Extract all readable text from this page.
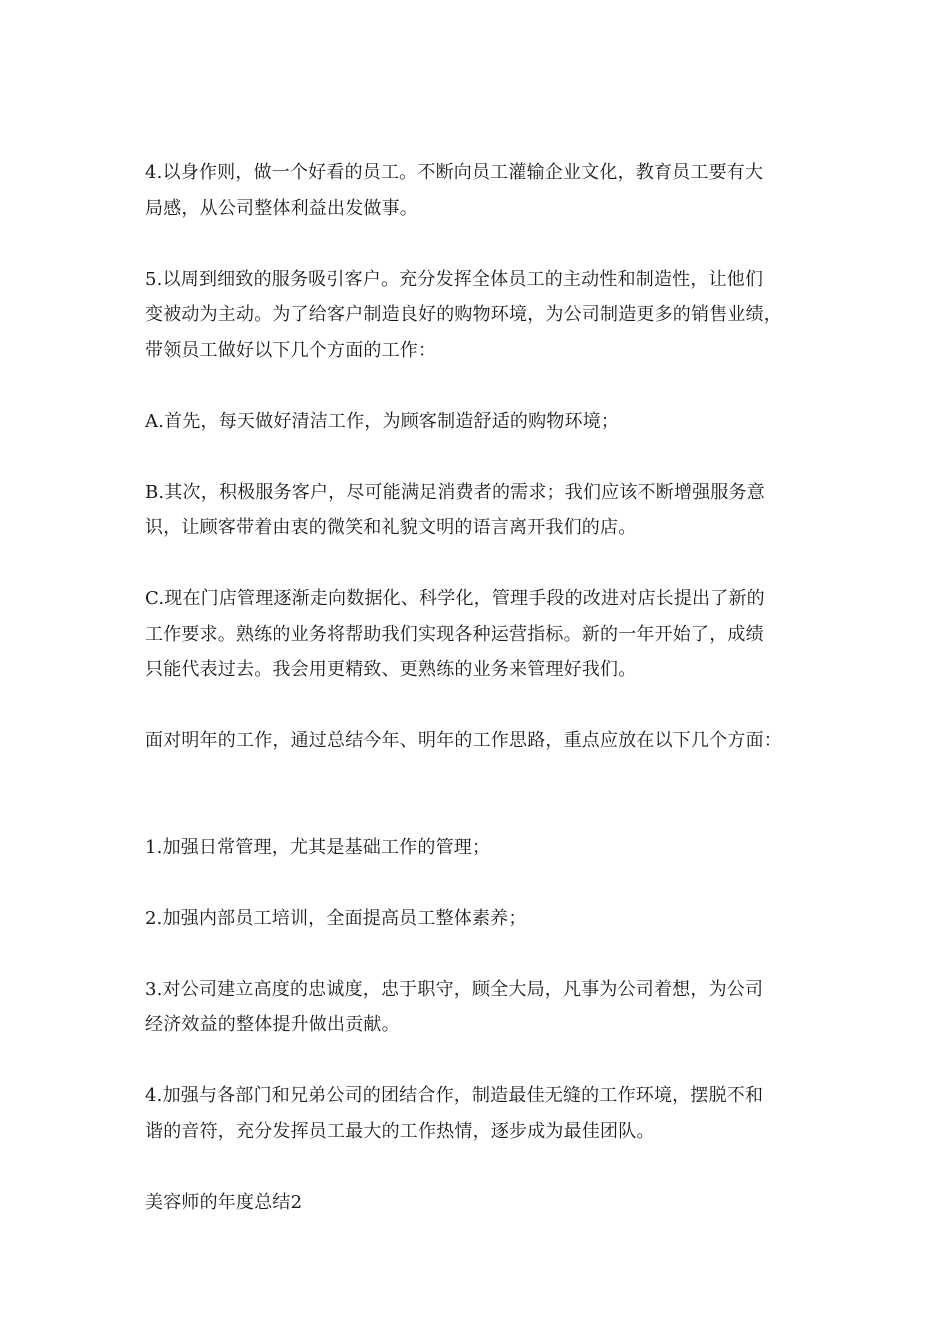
4.以身作则，做一个好看的员工。不断向员工灌输企业文化，教育员工要有大
局感，从公司整体利益出发做事。

5.以周到细致的服务吸引客户。充分发挥全体员工的主动性和制造性，让他们
变被动为主动。为了给客户制造良好的购物环境，为公司制造更多的销售业绩，
带领员工做好以下几个方面的工作：

A.首先，每天做好清洁工作，为顾客制造舒适的购物环境；

B.其次，积极服务客户，尽可能满足消费者的需求；我们应该不断增强服务意
识，让顾客带着由衷的微笑和礼貌文明的语言离开我们的店。

C.现在门店管理逐渐走向数据化、科学化，管理手段的改进对店长提出了新的
工作要求。熟练的业务将帮助我们实现各种运营指标。新的一年开始了，成绩
只能代表过去。我会用更精致、更熟练的业务来管理好我们。

面对明年的工作，通过总结今年、明年的工作思路，重点应放在以下几个方面：

1.加强日常管理，尤其是基础工作的管理；

2.加强内部员工培训，全面提高员工整体素养；

3.对公司建立高度的忠诚度，忠于职守，顾全大局，凡事为公司着想，为公司
经济效益的整体提升做出贡献。

4.加强与各部门和兄弟公司的团结合作，制造最佳无缝的工作环境，摆脱不和
谐的音符，充分发挥员工最大的工作热情，逐步成为最佳团队。

美容师的年度总结2
